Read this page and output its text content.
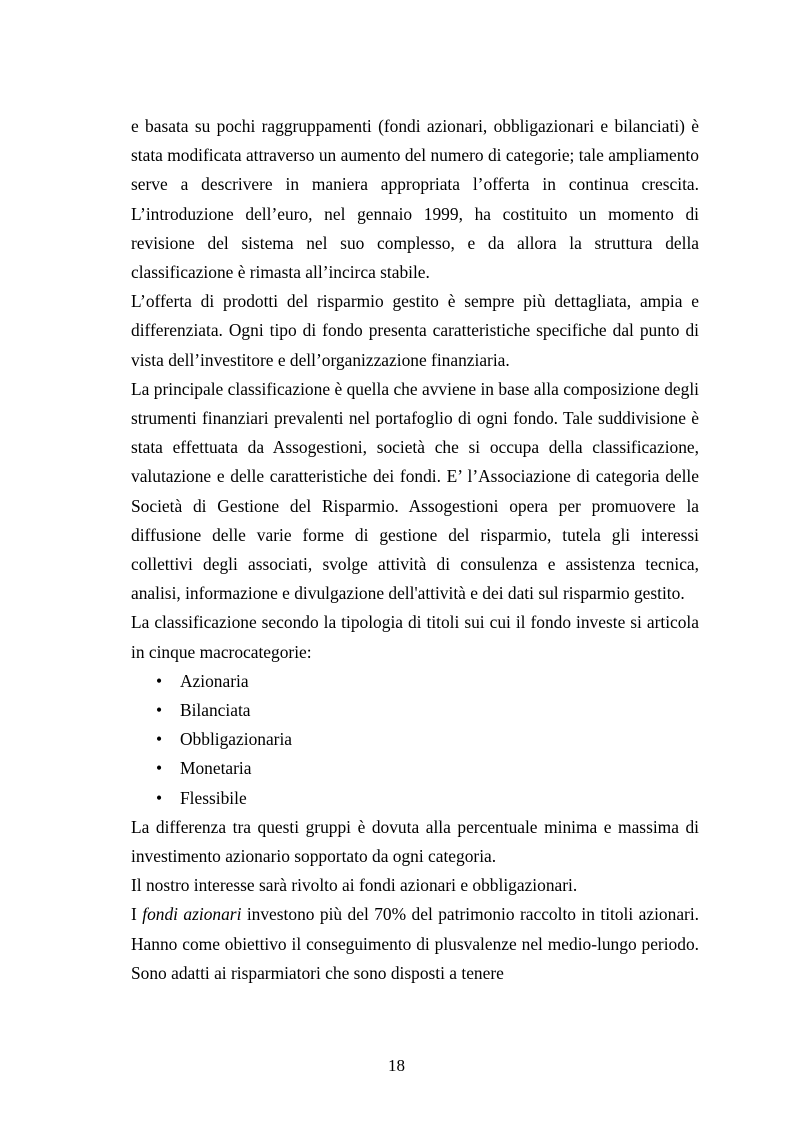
e basata su pochi raggruppamenti (fondi azionari, obbligazionari e bilanciati) è stata modificata attraverso un aumento del numero di categorie; tale ampliamento serve a descrivere in maniera appropriata l’offerta in continua crescita. L’introduzione dell’euro, nel gennaio 1999, ha costituito un momento di revisione del sistema nel suo complesso, e da allora la struttura della classificazione è rimasta all’incirca stabile.

L’offerta di prodotti del risparmio gestito è sempre più dettagliata, ampia e differenziata. Ogni tipo di fondo presenta caratteristiche specifiche dal punto di vista dell’investitore e dell’organizzazione finanziaria.

La principale classificazione è quella che avviene in base alla composizione degli strumenti finanziari prevalenti nel portafoglio di ogni fondo. Tale suddivisione è stata effettuata da Assogestioni, società che si occupa della classificazione, valutazione e delle caratteristiche dei fondi. E’ l’Associazione di categoria delle Società di Gestione del Risparmio. Assogestioni opera per promuovere la diffusione delle varie forme di gestione del risparmio, tutela gli interessi collettivi degli associati, svolge attività di consulenza e assistenza tecnica, analisi, informazione e divulgazione dell'attività e dei dati sul risparmio gestito.

La classificazione secondo la tipologia di titoli sui cui il fondo investe si articola in cinque macrocategorie:

•	Azionaria
•	Bilanciata
•	Obbligazionaria
•	Monetaria
•	Flessibile

La differenza tra questi gruppi è dovuta alla percentuale minima e massima di investimento azionario sopportato da ogni categoria.

Il nostro interesse sarà rivolto ai fondi azionari e obbligazionari.

I fondi azionari investono più del 70% del patrimonio raccolto in titoli azionari. Hanno come obiettivo il conseguimento di plusvalenze nel medio-lungo periodo. Sono adatti ai risparmiatori che sono disposti a tenere

18
